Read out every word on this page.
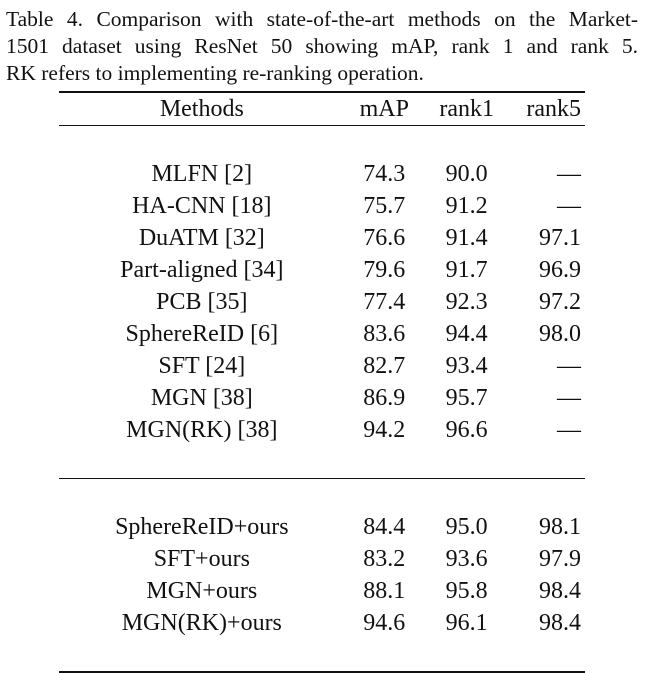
Table 4. Comparison with state-of-the-art methods on the Market-
1501 dataset using ResNet 50 showing mAP, rank 1 and rank 5.
RK refers to implementing re-ranking operation.
Methods	mAP	rank1	rank5

MLFN [2]	74.3	90.0	—
HA-CNN [18]	75.7	91.2	—
DuATM [32]	76.6	91.4	97.1
Part-aligned [34]	79.6	91.7	96.9
PCB [35]	77.4	92.3	97.2
SphereReID [6]	83.6	94.4	98.0
SFT [24]	82.7	93.4	—
MGN [38]	86.9	95.7	—
MGN(RK) [38]	94.2	96.6	—

SphereReID+ours	84.4	95.0	98.1
SFT+ours	83.2	93.6	97.9
MGN+ours	88.1	95.8	98.4
MGN(RK)+ours	94.6	96.1	98.4
